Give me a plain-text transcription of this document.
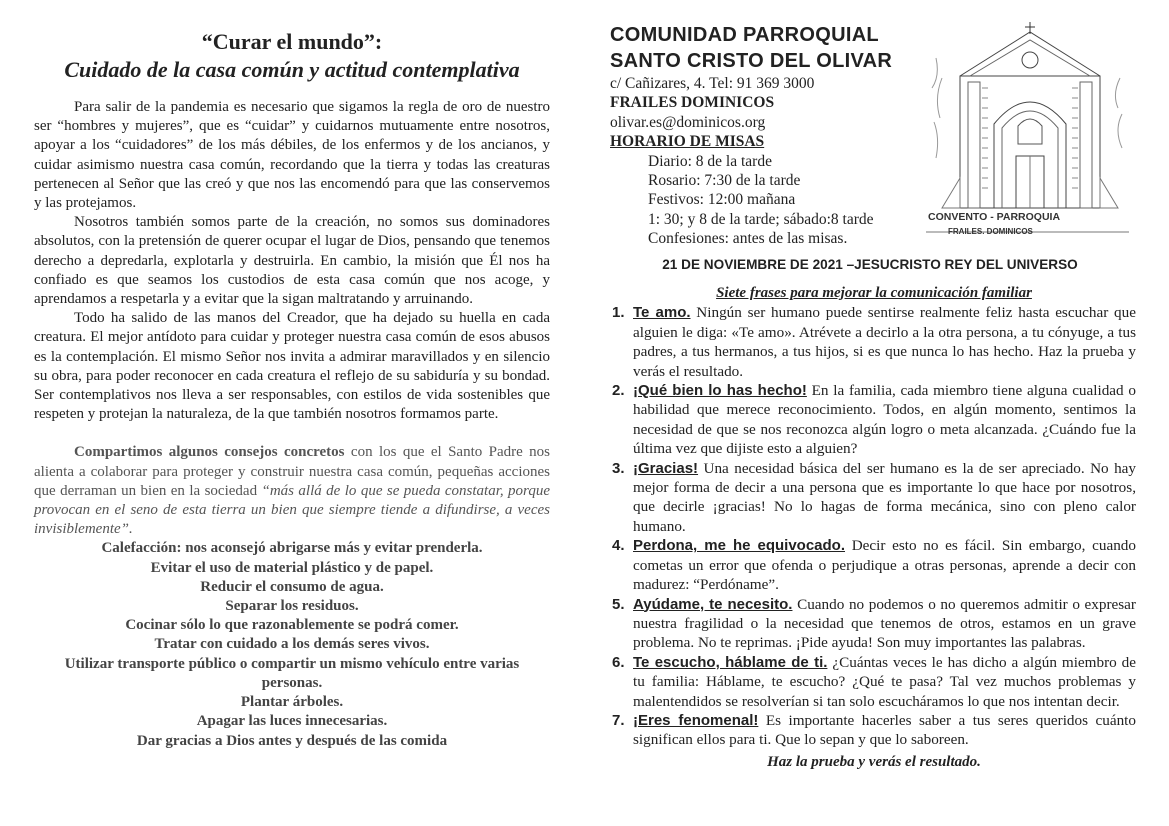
“Curar el mundo”:
Cuidado de la casa común y actitud contemplativa

Para salir de la pandemia es necesario que sigamos la regla de oro de nuestro ser “hombres y mujeres”, que es “cuidar” y cuidarnos mutuamente entre nosotros, apoyar a los “cuidadores” de los más débiles, de los enfermos y de los ancianos, y cuidar asimismo nuestra casa común, recordando que la tierra y todas las creaturas pertenecen al Señor que las creó y que nos las encomendó para que las conservemos y las protejamos.

Nosotros también somos parte de la creación, no somos sus dominadores absolutos, con la pretensión de querer ocupar el lugar de Dios, pensando que tenemos derecho a depredarla, explotarla y destruirla. En cambio, la misión que Él nos ha confiado es que seamos los custodios de esta casa común que nos acoge, y aprendamos a respetarla y a evitar que la sigan maltratando y arruinando.

Todo ha salido de las manos del Creador, que ha dejado su huella en cada creatura. El mejor antídoto para cuidar y proteger nuestra casa común de esos abusos es la contemplación. El mismo Señor nos invita a admirar maravillados y en silencio su obra, para poder reconocer en cada creatura el reflejo de su sabiduría y su bondad. Ser contemplativos nos lleva a ser responsables, con estilos de vida sostenibles que respeten y protejan la naturaleza, de la que también nosotros formamos parte.

Compartimos algunos consejos concretos con los que el Santo Padre nos alienta a colaborar para proteger y construir nuestra casa común, pequeñas acciones que derraman un bien en la sociedad “más allá de lo que se pueda constatar, porque provocan en el seno de esta tierra un bien que siempre tiende a difundirse, a veces invisiblemente”.

Calefacción: nos aconsejó abrigarse más y evitar prenderla.
Evitar el uso de material plástico y de papel.
Reducir el consumo de agua.
Separar los residuos.
Cocinar sólo lo que razonablemente se podrá comer.
Tratar con cuidado a los demás seres vivos.
Utilizar transporte público o compartir un mismo vehículo entre varias personas.
Plantar árboles.
Apagar las luces innecesarias.
Dar gracias a Dios antes y después de las comida
COMUNIDAD PARROQUIAL
SANTO CRISTO DEL OLIVAR
c/ Cañizares, 4. Tel: 91 369 3000
FRAILES DOMINICOS
olivar.es@dominicos.org
HORARIO DE MISAS
Diario: 8 de la tarde
Rosario: 7:30 de la tarde
Festivos: 12:00 mañana
1: 30; y 8 de la tarde; sábado:8 tarde
Confesiones: antes de las misas.
CONVENTO - PARROQUIA
FRAILES. DOMINICOS
21 DE NOVIEMBRE DE 2021 –JESUCRISTO REY DEL UNIVERSO
Siete frases para mejorar la comunicación familiar
1. Te amo. Ningún ser humano puede sentirse realmente feliz hasta escuchar que alguien le diga: «Te amo». Atrévete a decirlo a la otra persona, a tu cónyuge, a tus padres, a tus hermanos, a tus hijos, si es que nunca lo has hecho. Haz la prueba y verás el resultado.
2. ¡Qué bien lo has hecho! En la familia, cada miembro tiene alguna cualidad o habilidad que merece reconocimiento. Todos, en algún momento, sentimos la necesidad de que se nos reconozca algún logro o meta alcanzada. ¿Cuándo fue la última vez que dijiste esto a alguien?
3. ¡Gracias! Una necesidad básica del ser humano es la de ser apreciado. No hay mejor forma de decir a una persona que es importante lo que hace por nosotros, que decirle ¡gracias! No lo hagas de forma mecánica, sino con pleno calor humano.
4. Perdona, me he equivocado. Decir esto no es fácil. Sin embargo, cuando cometas un error que ofenda o perjudique a otras personas, aprende a decir con madurez: “Perdóname”.
5. Ayúdame, te necesito. Cuando no podemos o no queremos admitir o expresar nuestra fragilidad o la necesidad que tenemos de otros, estamos en un grave problema. No te reprimas. ¡Pide ayuda! Son muy importantes las palabras.
6. Te escucho, háblame de ti. ¿Cuántas veces le has dicho a algún miembro de tu familia: Háblame, te escucho? ¿Qué te pasa? Tal vez muchos problemas y malentendidos se resolverían si tan solo escucháramos lo que nos intentan decir.
7. ¡Eres fenomenal! Es importante hacerles saber a tus seres queridos cuánto significan ellos para ti. Que lo sepan y que lo saboreen.
Haz la prueba y verás el resultado.
